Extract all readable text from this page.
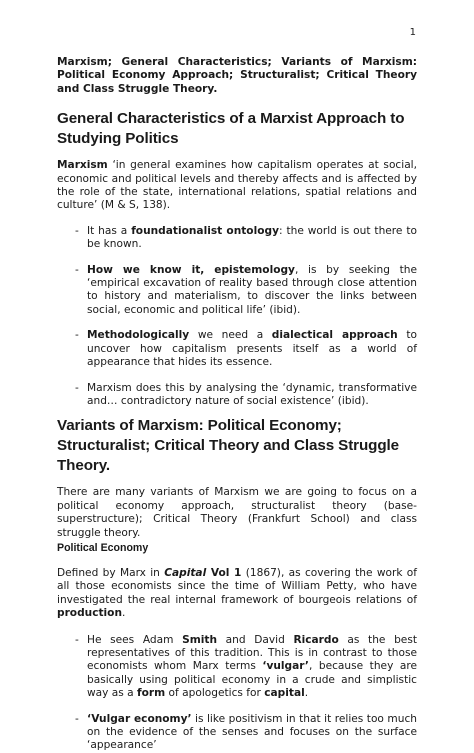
1
Marxism; General Characteristics; Variants of Marxism: Political Economy Approach; Structuralist; Critical Theory and Class Struggle Theory.
General Characteristics of a Marxist Approach to Studying Politics

Marxism ‘in general examines how capitalism operates at social, economic and political levels and thereby affects and is affected by the role of the state, international relations, spatial relations and culture’ (M & S, 138).

- It has a foundationalist ontology: the world is out there to be known.
- How we know it, epistemology, is by seeking the ‘empirical excavation of reality based through close attention to history and materialism, to discover the links between social, economic and political life’ (ibid).
- Methodologically we need a dialectical approach to uncover how capitalism presents itself as a world of appearance that hides its essence.
- Marxism does this by analysing the ‘dynamic, transformative and… contradictory nature of social existence’ (ibid).
Variants of Marxism: Political Economy; Structuralist; Critical Theory and Class Struggle Theory.

There are many variants of Marxism we are going to focus on a political economy approach, structuralist theory (base-superstructure); Critical Theory (Frankfurt School) and class struggle theory.

Political Economy

Defined by Marx in Capital Vol 1 (1867), as covering the work of all those economists since the time of William Petty, who have investigated the real internal framework of bourgeois relations of production.

- He sees Adam Smith and David Ricardo as the best representatives of this tradition. This is in contrast to those economists whom Marx terms ‘vulgar’, because they are basically using political economy in a crude and simplistic way as a form of apologetics for capital.
- ‘Vulgar economy’ is like positivism in that it relies too much on the evidence of the senses and focuses on the surface ‘appearance’
